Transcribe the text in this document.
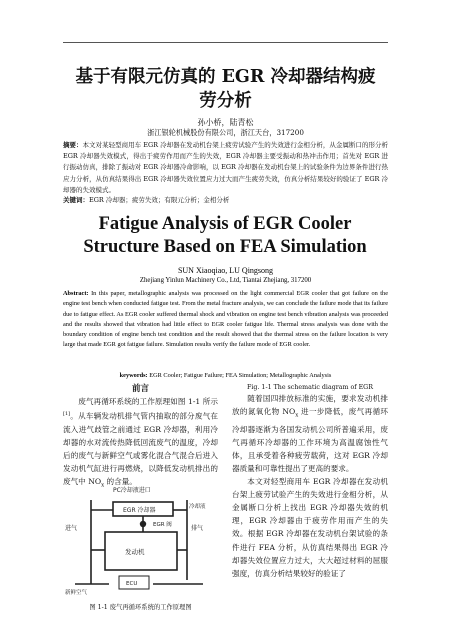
基于有限元仿真的 EGR 冷却器结构疲
劳分析
孙小桥，陆青松
浙江银轮机械股份有限公司，浙江天台，317200
摘要：本文对某轻型商用车 EGR 冷却器在发动机台架上疲劳试验产生的失效进行金相分析，从金属断口的形分析 EGR 冷却器失效模式，得出于疲劳作用而产生的失效，EGR 冷却器主要受振动和热冲击作用；首先对 EGR 进行振动仿真，排除了振动对 EGR 冷却器冷命影响，以 EGR 冷却器在发动机台架上的试验条件为边界条件进行热应力分析，从仿真结果得出 EGR 冷却器失效位置应力过大而产生疲劳失效，仿真分析结果较好的验证了 EGR 冷却器的失效模式。
关键词：EGR 冷却器；疲劳失效；有限元分析；金相分析
Fatigue Analysis of EGR Cooler
Structure Based on FEA Simulation
SUN Xiaoqiao, LU Qingsong
Zhejiang Yinlun Machinery Co., Ltd, Tiantai Zhejiang, 317200
Abstract: In this paper, metallographic analysis was processed on the light commercial EGR cooler that got failure on the engine test bench when conducted fatigue test. From the metal fracture analysis, we can conclude the failure mode that its failure due to fatigue effect. As EGR cooler suffered thermal shock and vibration on engine test bench vibration analysis was proceeded and the results showed that vibration had little effect to EGR cooler fatigue life. Thermal stress analysis was done with the boundary condition of engine bench test condition and the result showed that the thermal stress on the failure location is very large that made EGR got fatigue failure. Simulation results verify the failure mode of EGR cooler.
keywords: EGR Cooler; Fatigue Failure; FEA Simulation; Metallographic Analysis
前言

废气再循环系统的工作原理如图 1-1 所示[1]。从车辆发动机排气管内抽取的部分废气在流入进气歧管之前通过 EGR 冷却器，利用冷却器的水对流传热降低回流废气的温度，冷却后的废气与新鲜空气或雾化混合气混合后进入发动机气缸进行再燃烧，以降低发动机排出的废气中 $NO_x$ 的含量。

PC冷却液进口
EGR 冷却器
发动机
进气	排气
EGR 阀
ECU
新鲜空气
冷却液
图 1-1 废气再循环系统的工作原理图
Fig. 1-1 The schematic diagram of EGR

随着国四排放标准的实施，要求发动机排放的氮氧化物 $NO_x$ 进一步降低，废气再循环冷却器逐渐为各国发动机公司所普遍采用，废气再循环冷却器的工作环境为高温腐蚀性气体，且承受着各种疲劳载荷，这对 EGR 冷却器质量和可靠性提出了更高的要求。

本文对轻型商用车 EGR 冷却器在发动机台架上疲劳试验产生的失效进行金相分析，从金属断口分析上找出 EGR 冷却器失效的机理，EGR 冷却器由于疲劳作用而产生的失效。根据 EGR 冷却器在发动机台架试验的条件进行 FEA 分析，从仿真结果得出 EGR 冷却器失效位置应力过大，大大超过材料的屈服强度，仿真分析结果较好的验证了
